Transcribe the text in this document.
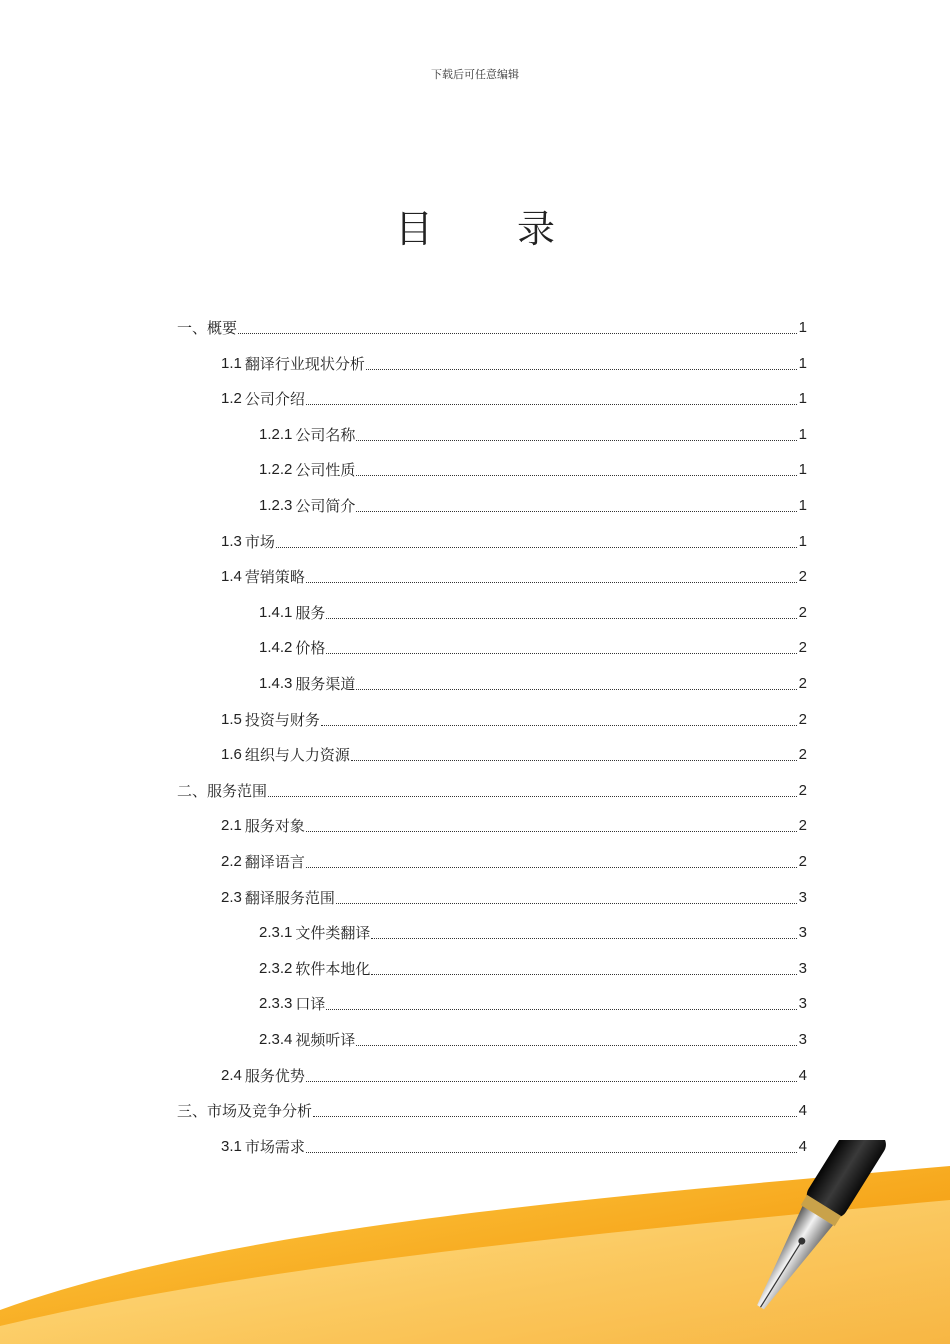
下载后可任意编辑
目 录
一、概要	1
1.1 翻译行业现状分析	1
1.2 公司介绍	1
1.2.1 公司名称	1
1.2.2 公司性质	1
1.2.3 公司简介	1
1.3 市场	1
1.4 营销策略	2
1.4.1 服务	2
1.4.2 价格	2
1.4.3 服务渠道	2
1.5 投资与财务	2
1.6 组织与人力资源	2
二、服务范围	2
2.1 服务对象	2
2.2 翻译语言	2
2.3 翻译服务范围	3
2.3.1 文件类翻译	3
2.3.2 软件本地化	3
2.3.3 口译	3
2.3.4 视频听译	3
2.4 服务优势	4
三、市场及竞争分析	4
3.1 市场需求	4
